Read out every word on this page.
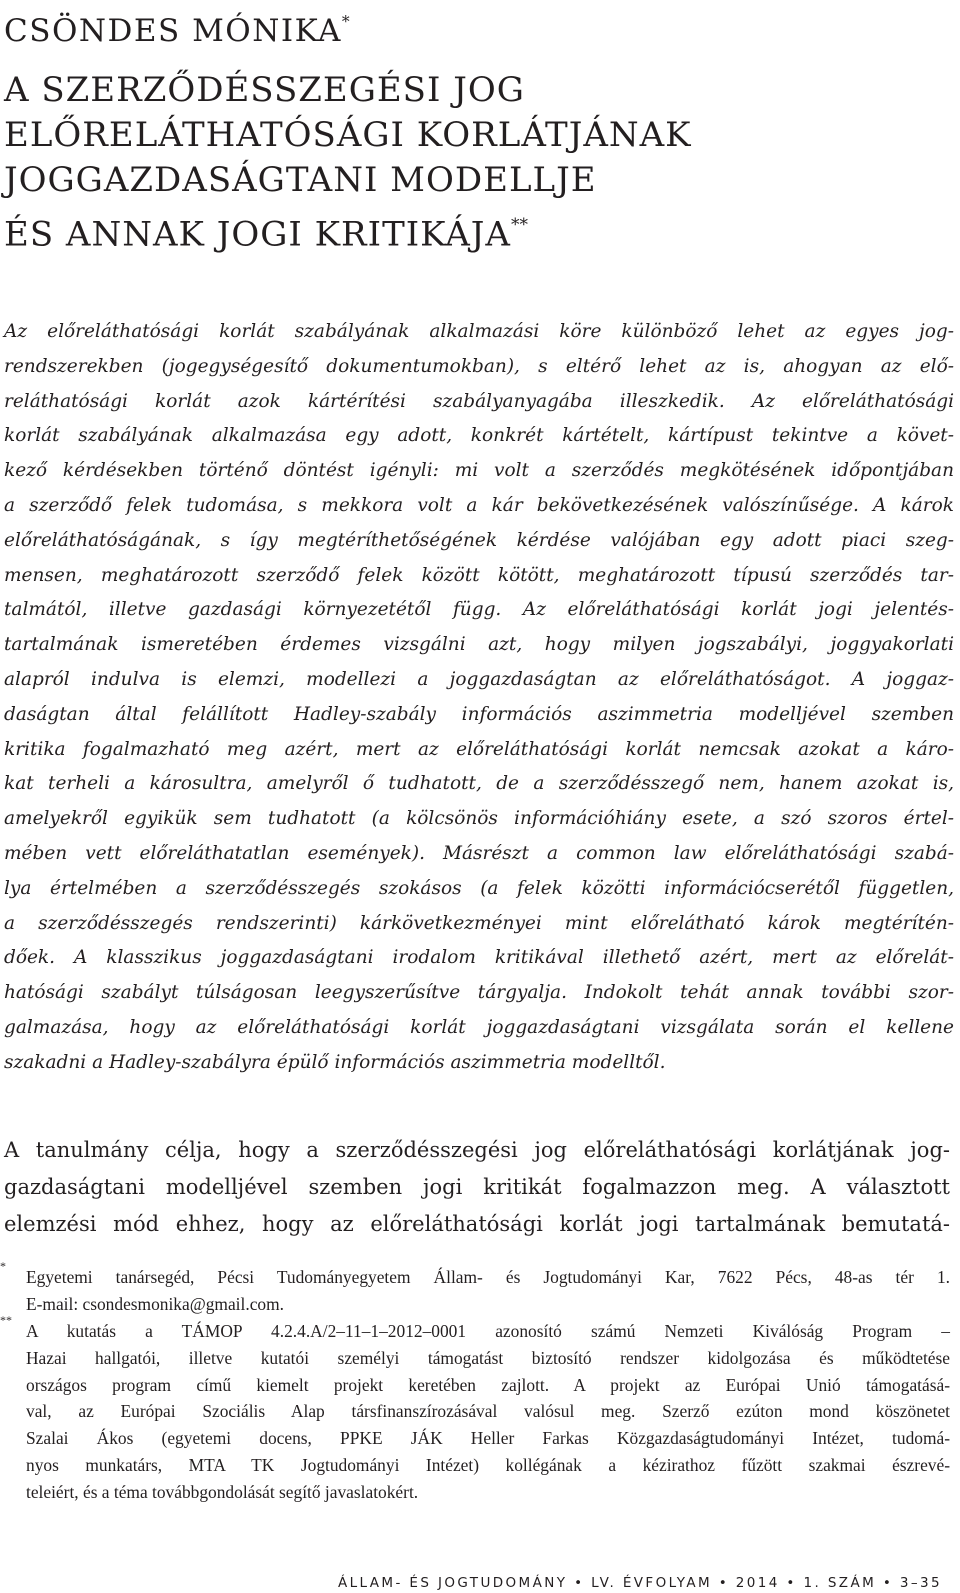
CSÖNDES MÓNIKA*
A SZERZŐDÉSSZEGÉSI JOG
ELŐRELÁTHATÓSÁGI KORLÁTJÁNAK
JOGGAZDASÁGTANI MODELLJE
ÉS ANNAK JOGI KRITIKÁJA**
Az előreláthatósági korlát szabályának alkalmazási köre különböző lehet az egyes jog-
rendszerekben (jogegységesítő dokumentumokban), s eltérő lehet az is, ahogyan az elő-
reláthatósági korlát azok kártérítési szabályanyagába illeszkedik. Az előreláthatósági
korlát szabályának alkalmazása egy adott, konkrét kártételt, kártípust tekintve a követ-
kező kérdésekben történő döntést igényli: mi volt a szerződés megkötésének időpontjában
a szerződő felek tudomása, s mekkora volt a kár bekövetkezésének valószínűsége. A károk
előreláthatóságának, s így megtéríthetőségének kérdése valójában egy adott piaci szeg-
mensen, meghatározott szerződő felek között kötött, meghatározott típusú szerződés tar-
talmától, illetve gazdasági környezetétől függ. Az előreláthatósági korlát jogi jelentés-
tartalmának ismeretében érdemes vizsgálni azt, hogy milyen jogszabályi, joggyakorlati
alapról indulva is elemzi, modellezi a joggazdaságtan az előreláthatóságot. A joggaz-
daságtan által felállított Hadley-szabály információs aszimmetria modelljével szemben
kritika fogalmazható meg azért, mert az előreláthatósági korlát nemcsak azokat a káro-
kat terheli a károsultra, amelyről ő tudhatott, de a szerződésszegő nem, hanem azokat is,
amelyekről egyikük sem tudhatott (a kölcsönös információhiány esete, a szó szoros értel-
mében vett előreláthatatlan események). Másrészt a common law előreláthatósági szabá-
lya értelmében a szerződésszegés szokásos (a felek közötti információcserétől független,
a szerződésszegés rendszerinti) kárkövetkezményei mint előrelátható károk megtérítén-
dőek. A klasszikus joggazdaságtani irodalom kritikával illethető azért, mert az előrelát-
hatósági szabályt túlságosan leegyszerűsítve tárgyalja. Indokolt tehát annak további szor-
galmazása, hogy az előreláthatósági korlát joggazdaságtani vizsgálata során el kellene
szakadni a Hadley-szabályra épülő információs aszimmetria modelltől.
A tanulmány célja, hogy a szerződésszegési jog előreláthatósági korlátjának jog-
gazdaságtani modelljével szemben jogi kritikát fogalmazzon meg. A választott
elemzési mód ehhez, hogy az előreláthatósági korlát jogi tartalmának bemutatá-
*
Egyetemi tanársegéd, Pécsi Tudományegyetem Állam- és Jogtudományi Kar, 7622 Pécs, 48-as tér 1.
E-mail: csondesmonika@gmail.com.
**
A kutatás a TÁMOP 4.2.4.A/2–11–1–2012–0001 azonosító számú Nemzeti Kiválóság Program –
Hazai hallgatói, illetve kutatói személyi támogatást biztosító rendszer kidolgozása és működtetése
országos program című kiemelt projekt keretében zajlott. A projekt az Európai Unió támogatásá-
val, az Európai Szociális Alap társfinanszírozásával valósul meg. Szerző ezúton mond köszönetet
Szalai Ákos (egyetemi docens, PPKE JÁK Heller Farkas Közgazdaságtudományi Intézet, tudomá-
nyos munkatárs, MTA TK Jogtudományi Intézet) kollégának a kézirathoz fűzött szakmai észrevé-
teleiért, és a téma továbbgondolását segítő javaslatokért.
ÁLLAM- ÉS JOGTUDOMÁNY • LV. ÉVFOLYAM • 2014 • 1. SZÁM • 3–35
